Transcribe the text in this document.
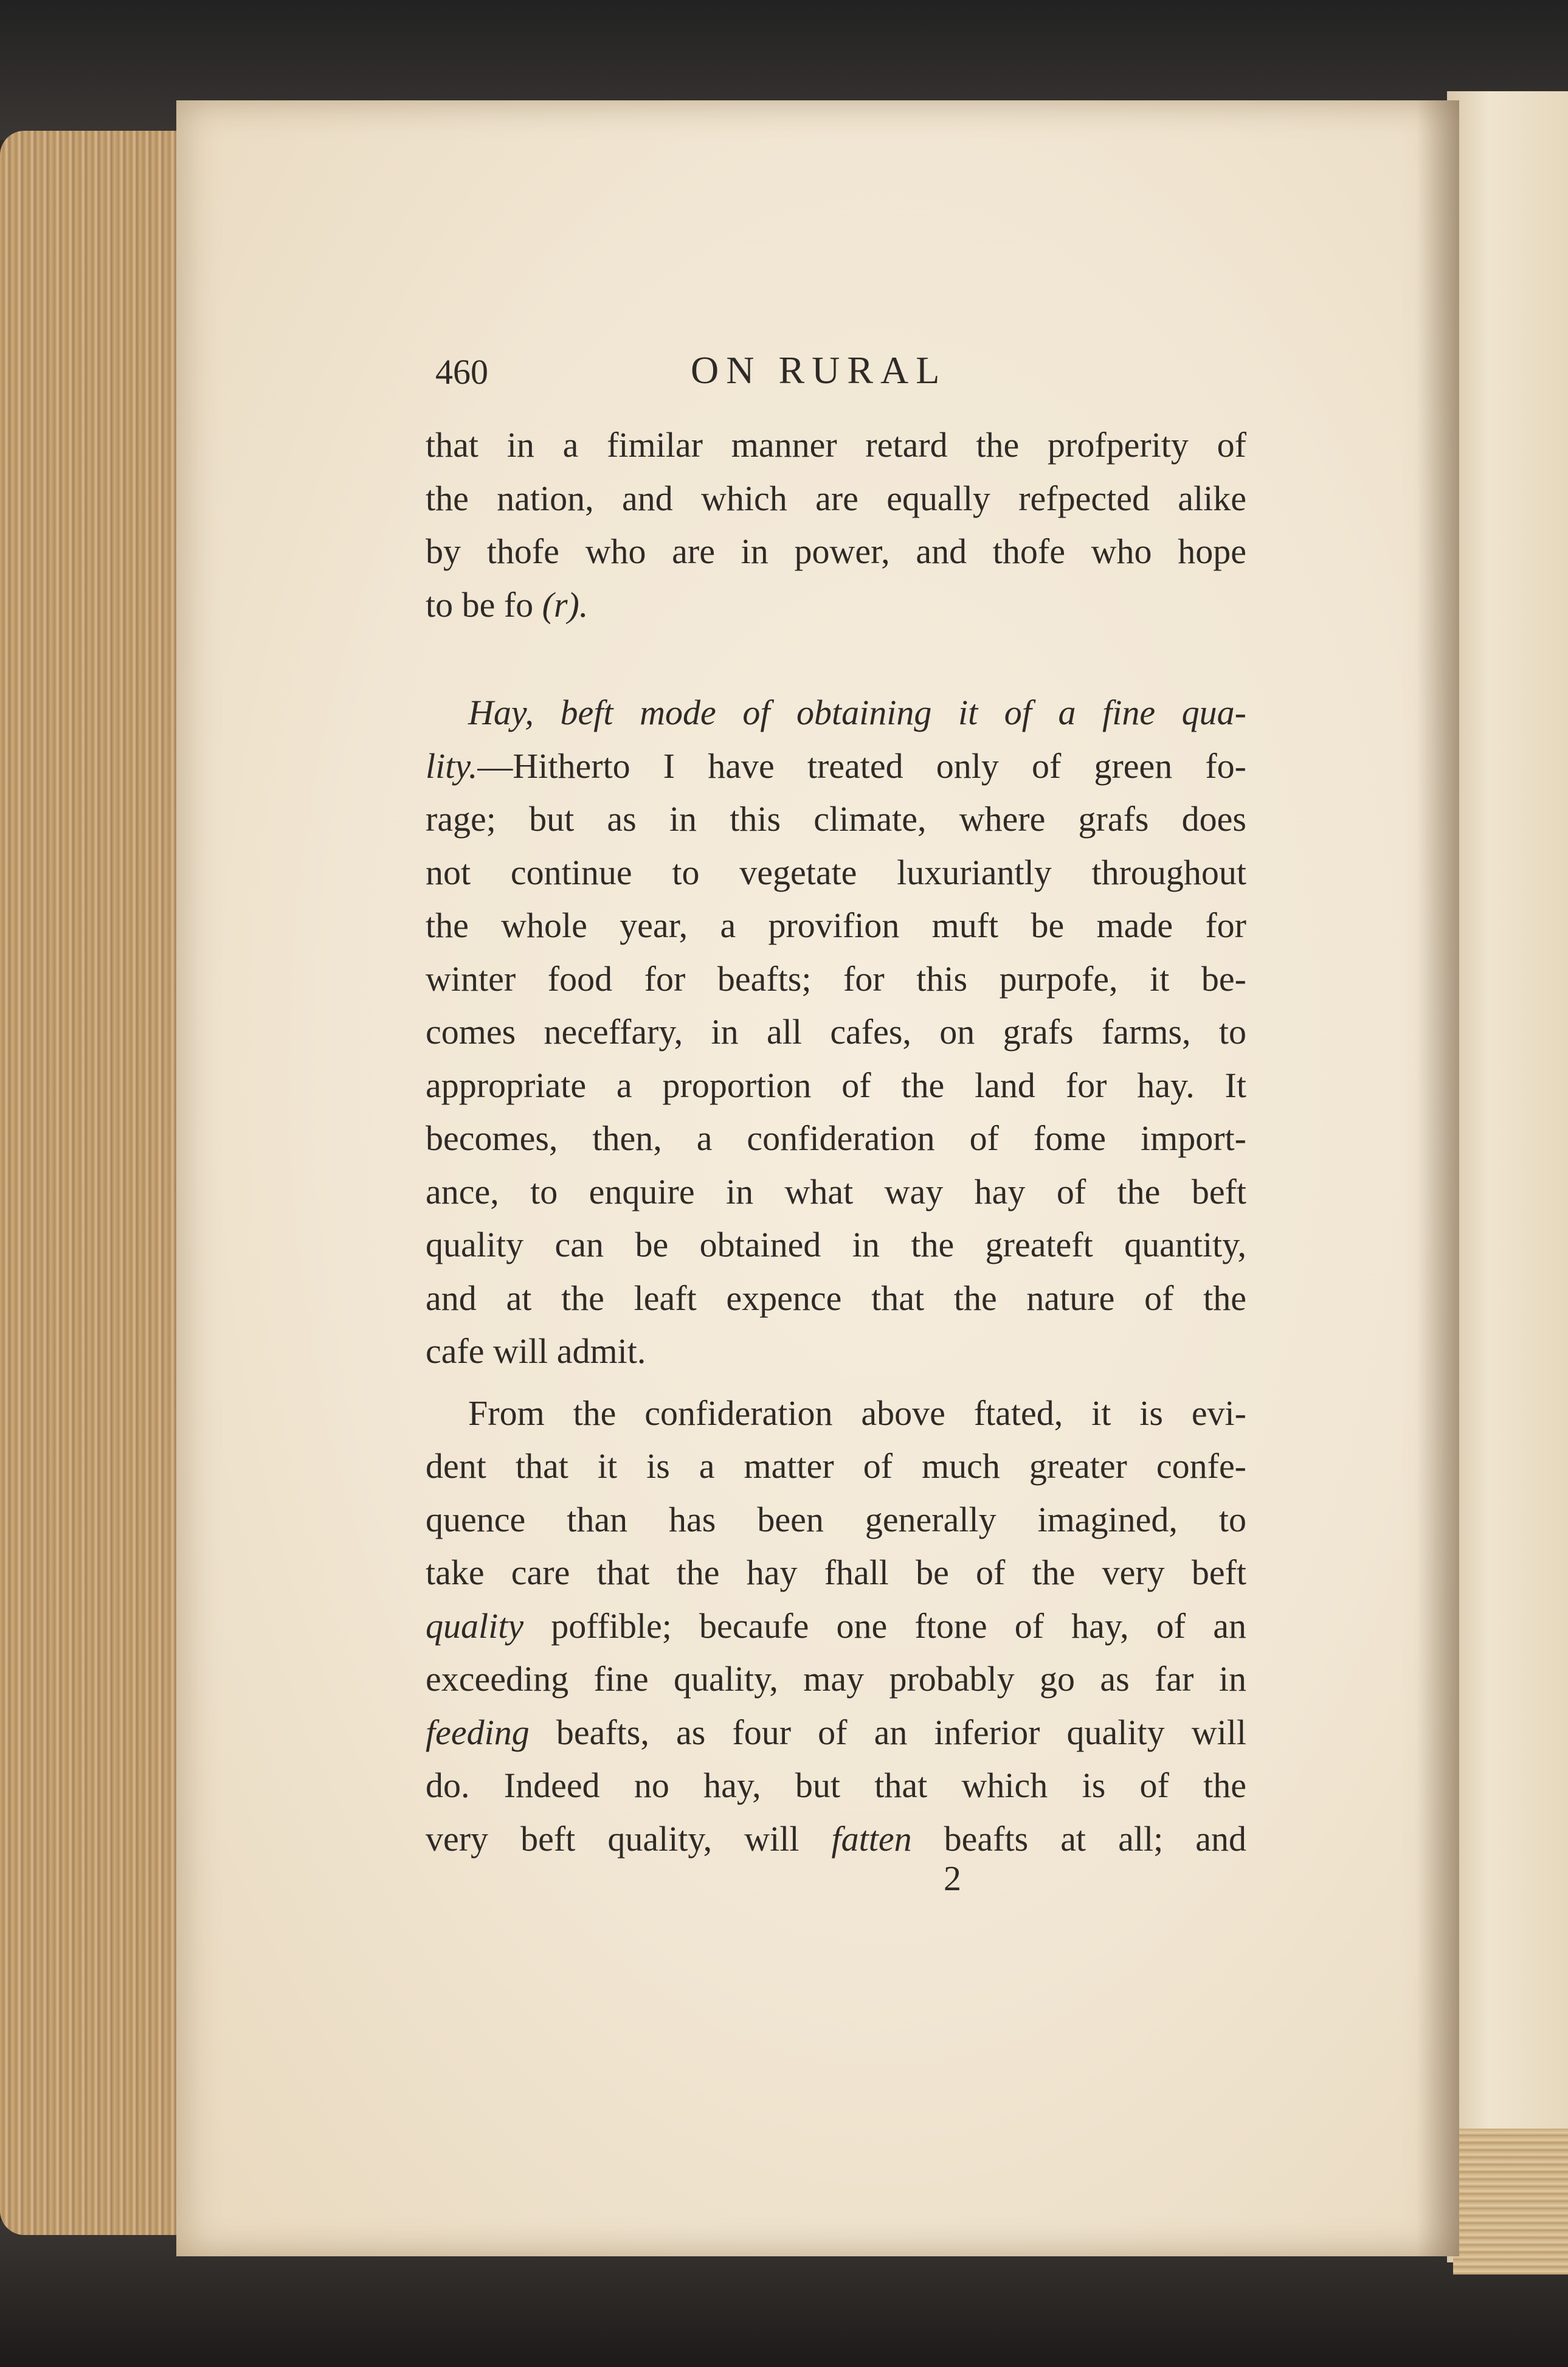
460	ON RURAL
that in a fimilar manner retard the profperity of
the nation, and which are equally refpected alike
by thofe who are in power, and thofe who hope
to be fo (r).
Hay, beft mode of obtaining it of a fine qua-
lity.—Hitherto I have treated only of green fo-
rage; but as in this climate, where grafs does
not continue to vegetate luxuriantly throughout
the whole year, a provifion muft be made for
winter food for beafts; for this purpofe, it be-
comes neceffary, in all cafes, on grafs farms, to
appropriate a proportion of the land for hay. It
becomes, then, a confideration of fome import-
ance, to enquire in what way hay of the beft
quality can be obtained in the greateft quantity,
and at the leaft expence that the nature of the
cafe will admit.
From the confideration above ftated, it is evi-
dent that it is a matter of much greater confe-
quence than has been generally imagined, to
take care that the hay fhall be of the very beft
quality poffible; becaufe one ftone of hay, of an
exceeding fine quality, may probably go as far in
feeding beafts, as four of an inferior quality will
do. Indeed no hay, but that which is of the
very beft quality, will fatten beafts at all; and
2
